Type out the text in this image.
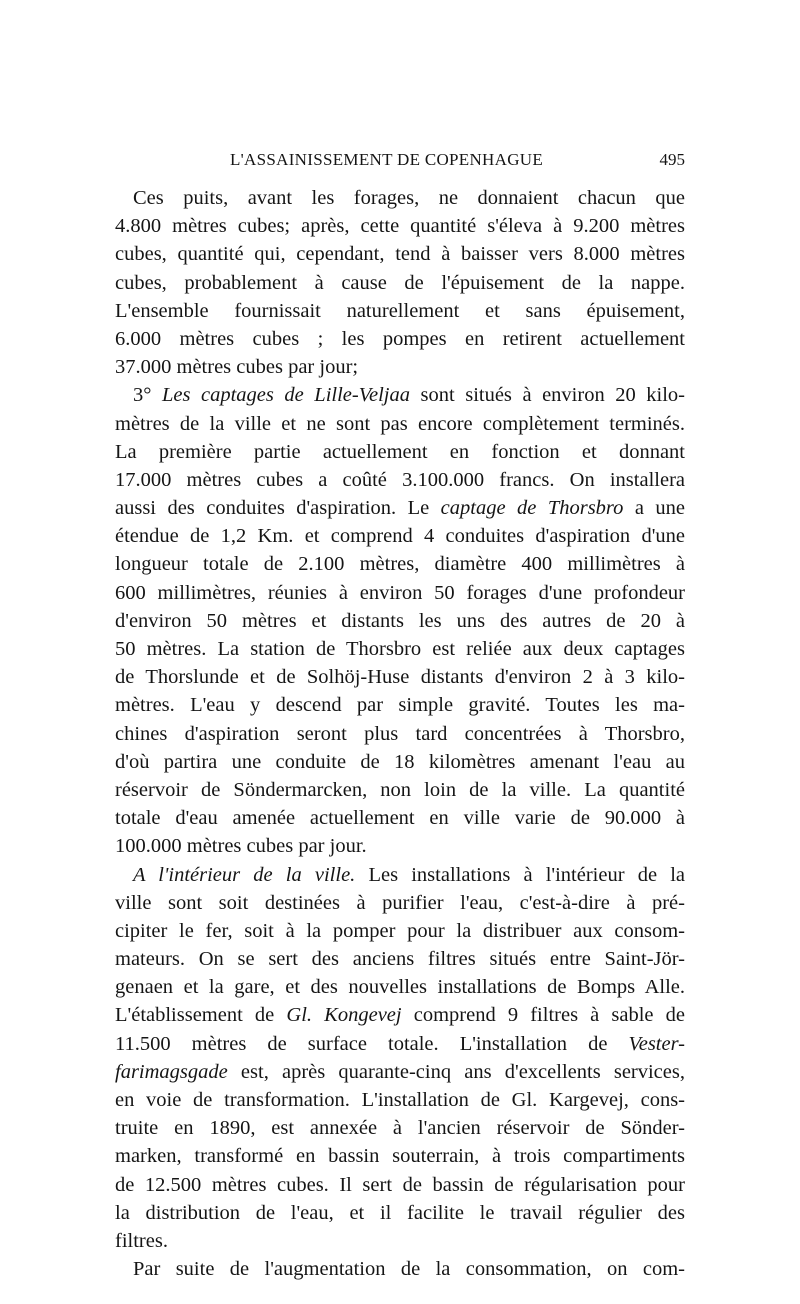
L'ASSAINISSEMENT DE COPENHAGUE	495
Ces puits, avant les forages, ne donnaient chacun que
4.800 mètres cubes; après, cette quantité s'éleva à 9.200 mètres
cubes, quantité qui, cependant, tend à baisser vers 8.000 mètres
cubes, probablement à cause de l'épuisement de la nappe.
L'ensemble fournissait naturellement et sans épuisement,
6.000 mètres cubes ; les pompes en retirent actuellement
37.000 mètres cubes par jour;
3° Les captages de Lille-Veljaa sont situés à environ 20 kilo-
mètres de la ville et ne sont pas encore complètement terminés.
La première partie actuellement en fonction et donnant
17.000 mètres cubes a coûté 3.100.000 francs. On installera
aussi des conduites d'aspiration. Le captage de Thorsbro a une
étendue de 1,2 Km. et comprend 4 conduites d'aspiration d'une
longueur totale de 2.100 mètres, diamètre 400 millimètres à
600 millimètres, réunies à environ 50 forages d'une profondeur
d'environ 50 mètres et distants les uns des autres de 20 à
50 mètres. La station de Thorsbro est reliée aux deux captages
de Thorslunde et de Solhöj-Huse distants d'environ 2 à 3 kilo-
mètres. L'eau y descend par simple gravité. Toutes les ma-
chines d'aspiration seront plus tard concentrées à Thorsbro,
d'où partira une conduite de 18 kilomètres amenant l'eau au
réservoir de Söndermarcken, non loin de la ville. La quantité
totale d'eau amenée actuellement en ville varie de 90.000 à
100.000 mètres cubes par jour.
A l'intérieur de la ville. Les installations à l'intérieur de la
ville sont soit destinées à purifier l'eau, c'est-à-dire à pré-
cipiter le fer, soit à la pomper pour la distribuer aux consom-
mateurs. On se sert des anciens filtres situés entre Saint-Jör-
genaen et la gare, et des nouvelles installations de Bomps Alle.
L'établissement de Gl. Kongevej comprend 9 filtres à sable de
11.500 mètres de surface totale. L'installation de Vester-
farimagsgade est, après quarante-cinq ans d'excellents services,
en voie de transformation. L'installation de Gl. Kargevej, cons-
truite en 1890, est annexée à l'ancien réservoir de Sönder-
marken, transformé en bassin souterrain, à trois compartiments
de 12.500 mètres cubes. Il sert de bassin de régularisation pour
la distribution de l'eau, et il facilite le travail régulier des
filtres.
Par suite de l'augmentation de la consommation, on com-
